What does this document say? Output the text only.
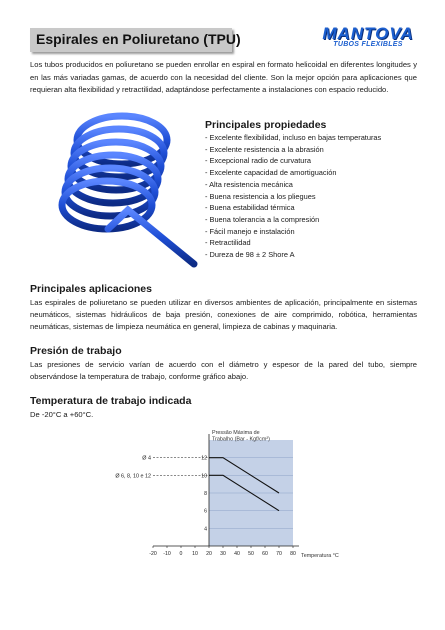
Espirales en Poliuretano (TPU)	MANTOVA
TUBOS FLEXIBLES

Los tubos producidos en poliuretano se pueden enrollar en espiral en formato helicoidal en diferentes longitudes y en las más variadas gamas, de acuerdo con la necesidad del cliente. Son la mejor opción para aplicaciones que requieran alta flexibilidad y retractilidad, adaptándose perfectamente a instalaciones con espacio reducido.

Principales propiedades
- Excelente flexibilidad, incluso en bajas temperaturas
- Excelente resistencia a la abrasión
- Excepcional radio de curvatura
- Excelente capacidad de amortiguación
- Alta resistencia mecánica
- Buena resistencia a los pliegues
- Buena estabilidad térmica
- Buena tolerancia a la compresión
- Fácil manejo e instalación
- Retractilidad
- Dureza de 98 ± 2 Shore A
Principales aplicaciones

Las espirales de poliuretano se pueden utilizar en diversos ambientes de aplicación, principalmente en sistemas neumáticos, sistemas hidráulicos de baja presión, conexiones de aire comprimido, robótica, herramientas neumáticas, sistemas de limpieza neumática en general, limpieza de cabinas y maquinaria.

Presión de trabajo

Las presiones de servicio varían de acuerdo con el diámetro y espesor de la pared del tubo, siempre observándose la temperatura de trabajo, conforme gráfico abajo.

Temperatura de trabajo indicada

De -20°C a +60°C.

-20 -10 0 10 20 30 40 50 60 70 80
4
6
8
10
12
Ø 4
Ø 6, 8, 10 e 12
Pressão Máxima de Trabalho (Bar - Kgf/cm²)
Temperatura °C
